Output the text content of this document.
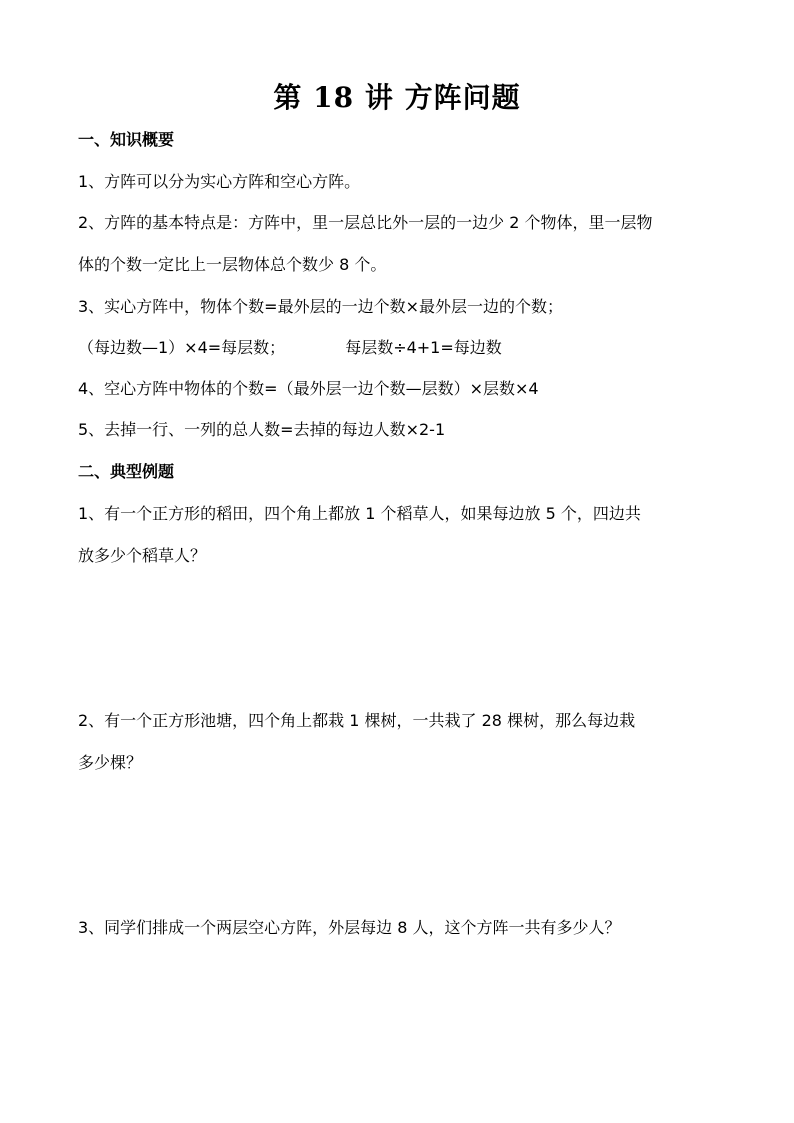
第 18 讲 方阵问题
一、知识概要
1、方阵可以分为实心方阵和空心方阵。
2、方阵的基本特点是：方阵中，里一层总比外一层的一边少 2 个物体，里一层物
体的个数一定比上一层物体总个数少 8 个。
3、实心方阵中，物体个数=最外层的一边个数×最外层一边的个数；
（每边数—1）×4=每层数；	每层数÷4+1=每边数
4、空心方阵中物体的个数=（最外层一边个数—层数）×层数×4
5、去掉一行、一列的总人数=去掉的每边人数×2-1
二、典型例题
1、有一个正方形的稻田，四个角上都放 1 个稻草人，如果每边放 5 个，四边共
放多少个稻草人？
2、有一个正方形池塘，四个角上都栽 1 棵树，一共栽了 28 棵树，那么每边栽
多少棵？
3、同学们排成一个两层空心方阵，外层每边 8 人，这个方阵一共有多少人？
